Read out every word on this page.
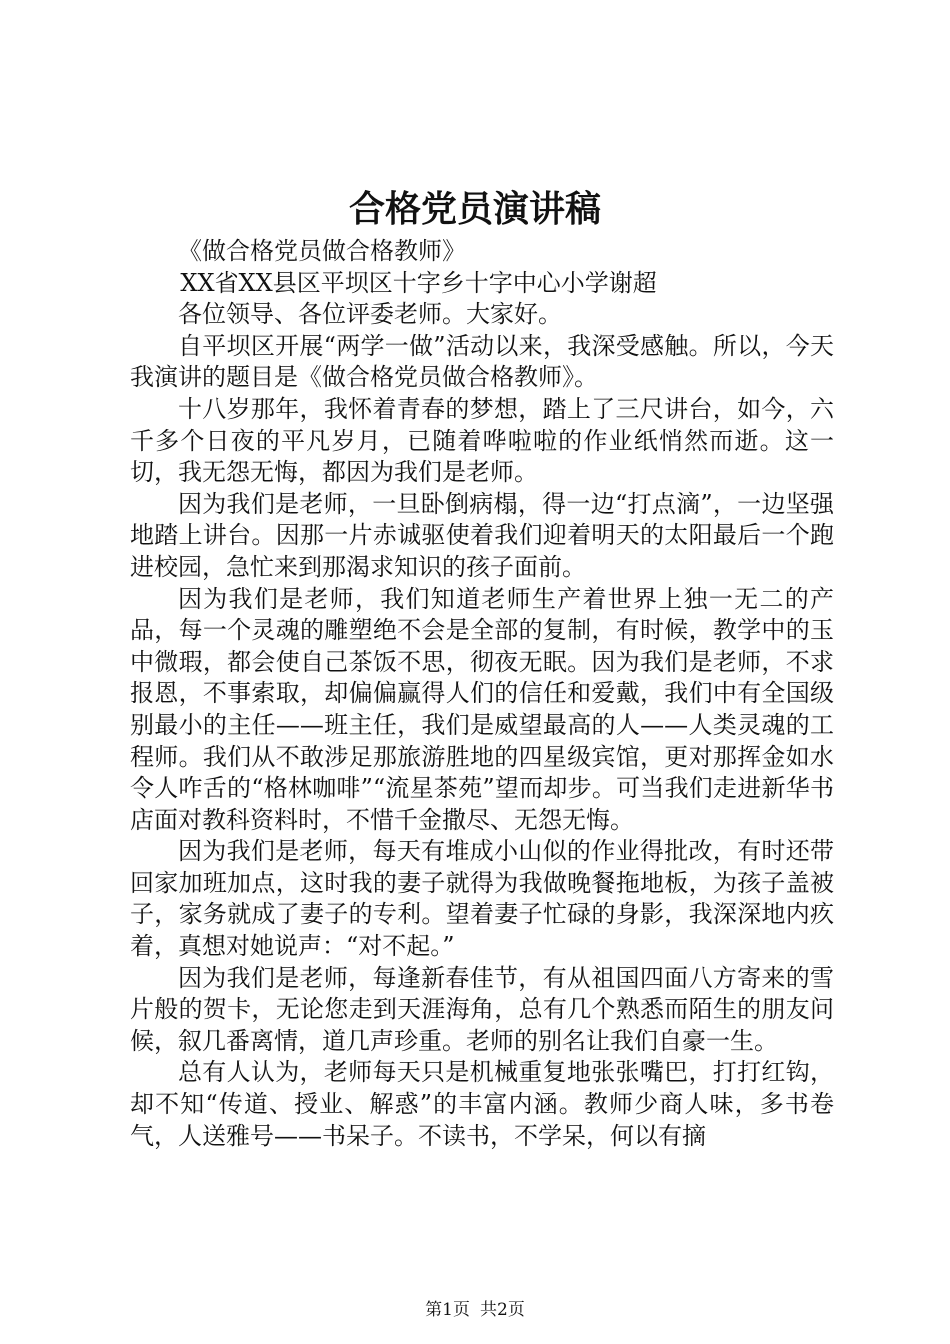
合格党员演讲稿

《做合格党员做合格教师》

XX省XX县区平坝区十字乡十字中心小学谢超

各位领导、各位评委老师。大家好。

自平坝区开展“两学一做”活动以来，我深受感触。所以，今天我演讲的题目是《做合格党员做合格教师》。

十八岁那年，我怀着青春的梦想，踏上了三尺讲台，如今，六千多个日夜的平凡岁月，已随着哗啦啦的作业纸悄然而逝。这一切，我无怨无悔，都因为我们是老师。

因为我们是老师，一旦卧倒病榻，得一边“打点滴”，一边坚强地踏上讲台。因那一片赤诚驱使着我们迎着明天的太阳最后一个跑进校园，急忙来到那渴求知识的孩子面前。

因为我们是老师，我们知道老师生产着世界上独一无二的产品，每一个灵魂的雕塑绝不会是全部的复制，有时候，教学中的玉中微瑕，都会使自己茶饭不思，彻夜无眠。因为我们是老师，不求报恩，不事索取，却偏偏赢得人们的信任和爱戴，我们中有全国级别最小的主任——班主任，我们是威望最高的人——人类灵魂的工程师。我们从不敢涉足那旅游胜地的四星级宾馆，更对那挥金如水令人咋舌的“格林咖啡”“流星茶苑”望而却步。可当我们走进新华书店面对教科资料时，不惜千金撒尽、无怨无悔。

因为我们是老师，每天有堆成小山似的作业得批改，有时还带回家加班加点，这时我的妻子就得为我做晚餐拖地板，为孩子盖被子，家务就成了妻子的专利。望着妻子忙碌的身影，我深深地内疚着，真想对她说声：“对不起。”

因为我们是老师，每逢新春佳节，有从祖国四面八方寄来的雪片般的贺卡，无论您走到天涯海角，总有几个熟悉而陌生的朋友问候，叙几番离情，道几声珍重。老师的别名让我们自豪一生。

总有人认为，老师每天只是机械重复地张张嘴巴，打打红钩，却不知“传道、授业、解惑”的丰富内涵。教师少商人味，多书卷气，人送雅号——书呆子。不读书，不学呆，何以有摘

第1页 共2页
